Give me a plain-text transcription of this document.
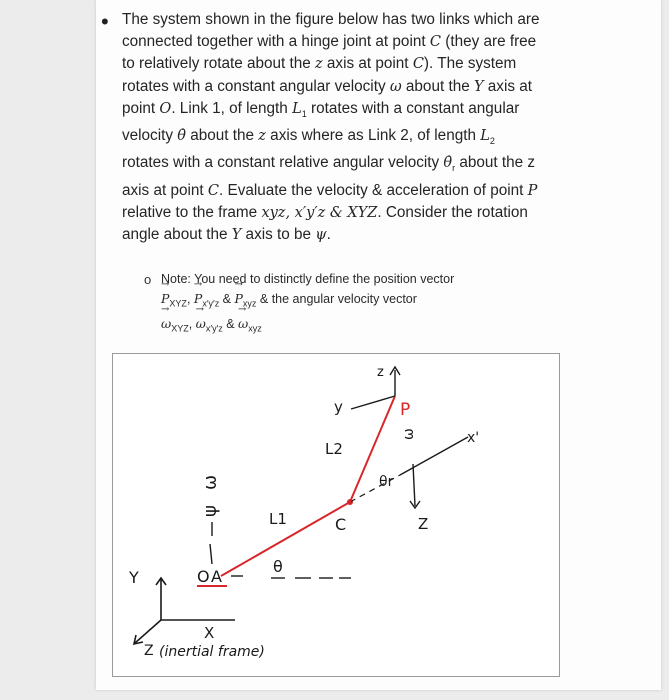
• The system shown in the figure below has two links which are connected together with a hinge joint at point C (they are free to relatively rotate about the z axis at point C). The system rotates with a constant angular velocity ω about the Y axis at point O. Link 1, of length $L_1$ rotates with a constant angular velocity θ̇ about the z axis where as Link 2, of length $L_2$ rotates with a constant relative angular velocity $\thetȧ_r$ about the z axis at point C. Evaluate the velocity & acceleration of point P relative to the frame xyz, x′y′z & XYZ. Consider the rotation angle about the Y axis to be ψ.

o Note: You need to distinctly define the position vector
→ $P_{XYZ}$, → $P_{x'y'z}$ & → $P_{xyz}$ & the angular velocity vector
→ $\omega_{XYZ}$, → $\omega_{x'y'z}$ & → $\omega_{xyz}$

Y
X
Z (inertial frame)
ω
ψ
O A
θ
L1	C
θr
L2
y
z
P
x'
Z
ω
